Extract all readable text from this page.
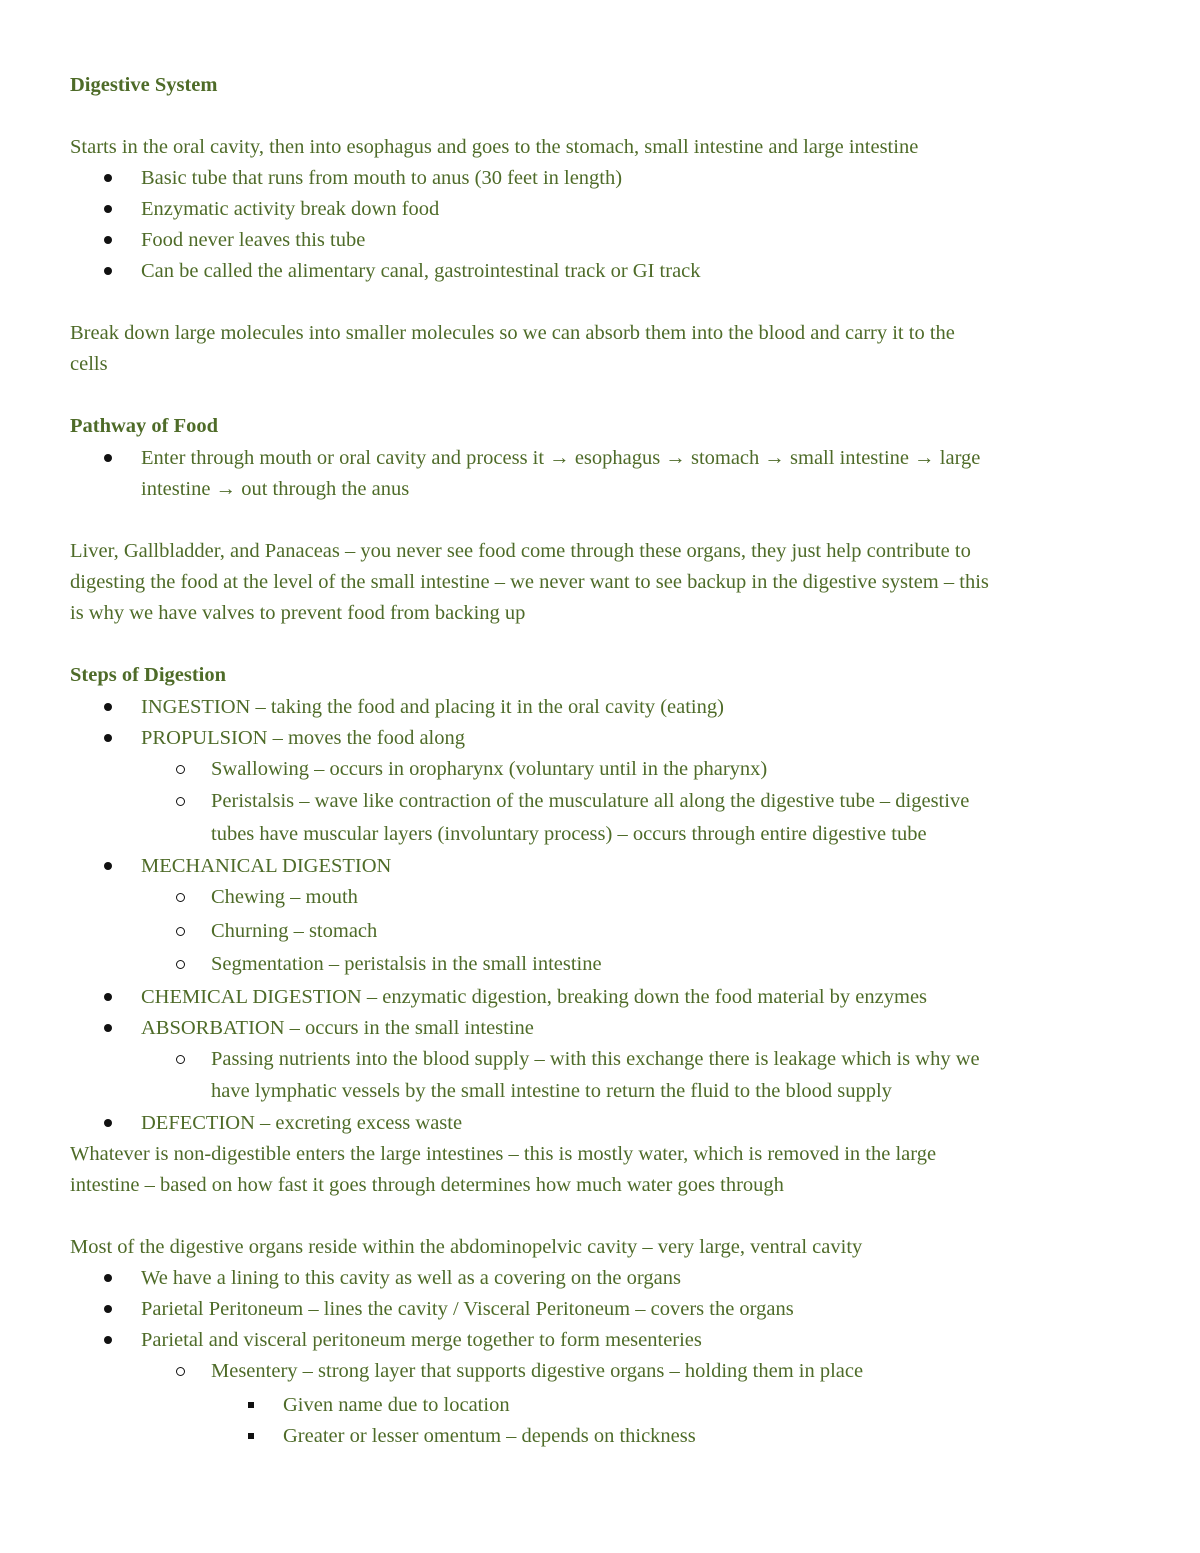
Digestive System
Starts in the oral cavity, then into esophagus and goes to the stomach, small intestine and large intestine
Basic tube that runs from mouth to anus (30 feet in length)
Enzymatic activity break down food
Food never leaves this tube
Can be called the alimentary canal, gastrointestinal track or GI track
Break down large molecules into smaller molecules so we can absorb them into the blood and carry it to the
cells
Pathway of Food
Enter through mouth or oral cavity and process it → esophagus → stomach → small intestine → large
intestine → out through the anus
Liver, Gallbladder, and Panaceas – you never see food come through these organs, they just help contribute to
digesting the food at the level of the small intestine – we never want to see backup in the digestive system – this
is why we have valves to prevent food from backing up
Steps of Digestion
INGESTION – taking the food and placing it in the oral cavity (eating)
PROPULSION – moves the food along
Swallowing – occurs in oropharynx (voluntary until in the pharynx)
Peristalsis – wave like contraction of the musculature all along the digestive tube – digestive
tubes have muscular layers (involuntary process) – occurs through entire digestive tube
MECHANICAL DIGESTION
Chewing – mouth
Churning – stomach
Segmentation – peristalsis in the small intestine
CHEMICAL DIGESTION – enzymatic digestion, breaking down the food material by enzymes
ABSORBATION – occurs in the small intestine
Passing nutrients into the blood supply – with this exchange there is leakage which is why we
have lymphatic vessels by the small intestine to return the fluid to the blood supply
DEFECTION – excreting excess waste
Whatever is non-digestible enters the large intestines – this is mostly water, which is removed in the large
intestine – based on how fast it goes through determines how much water goes through
Most of the digestive organs reside within the abdominopelvic cavity – very large, ventral cavity
We have a lining to this cavity as well as a covering on the organs
Parietal Peritoneum – lines the cavity / Visceral Peritoneum – covers the organs
Parietal and visceral peritoneum merge together to form mesenteries
Mesentery – strong layer that supports digestive organs – holding them in place
Given name due to location
Greater or lesser omentum – depends on thickness
